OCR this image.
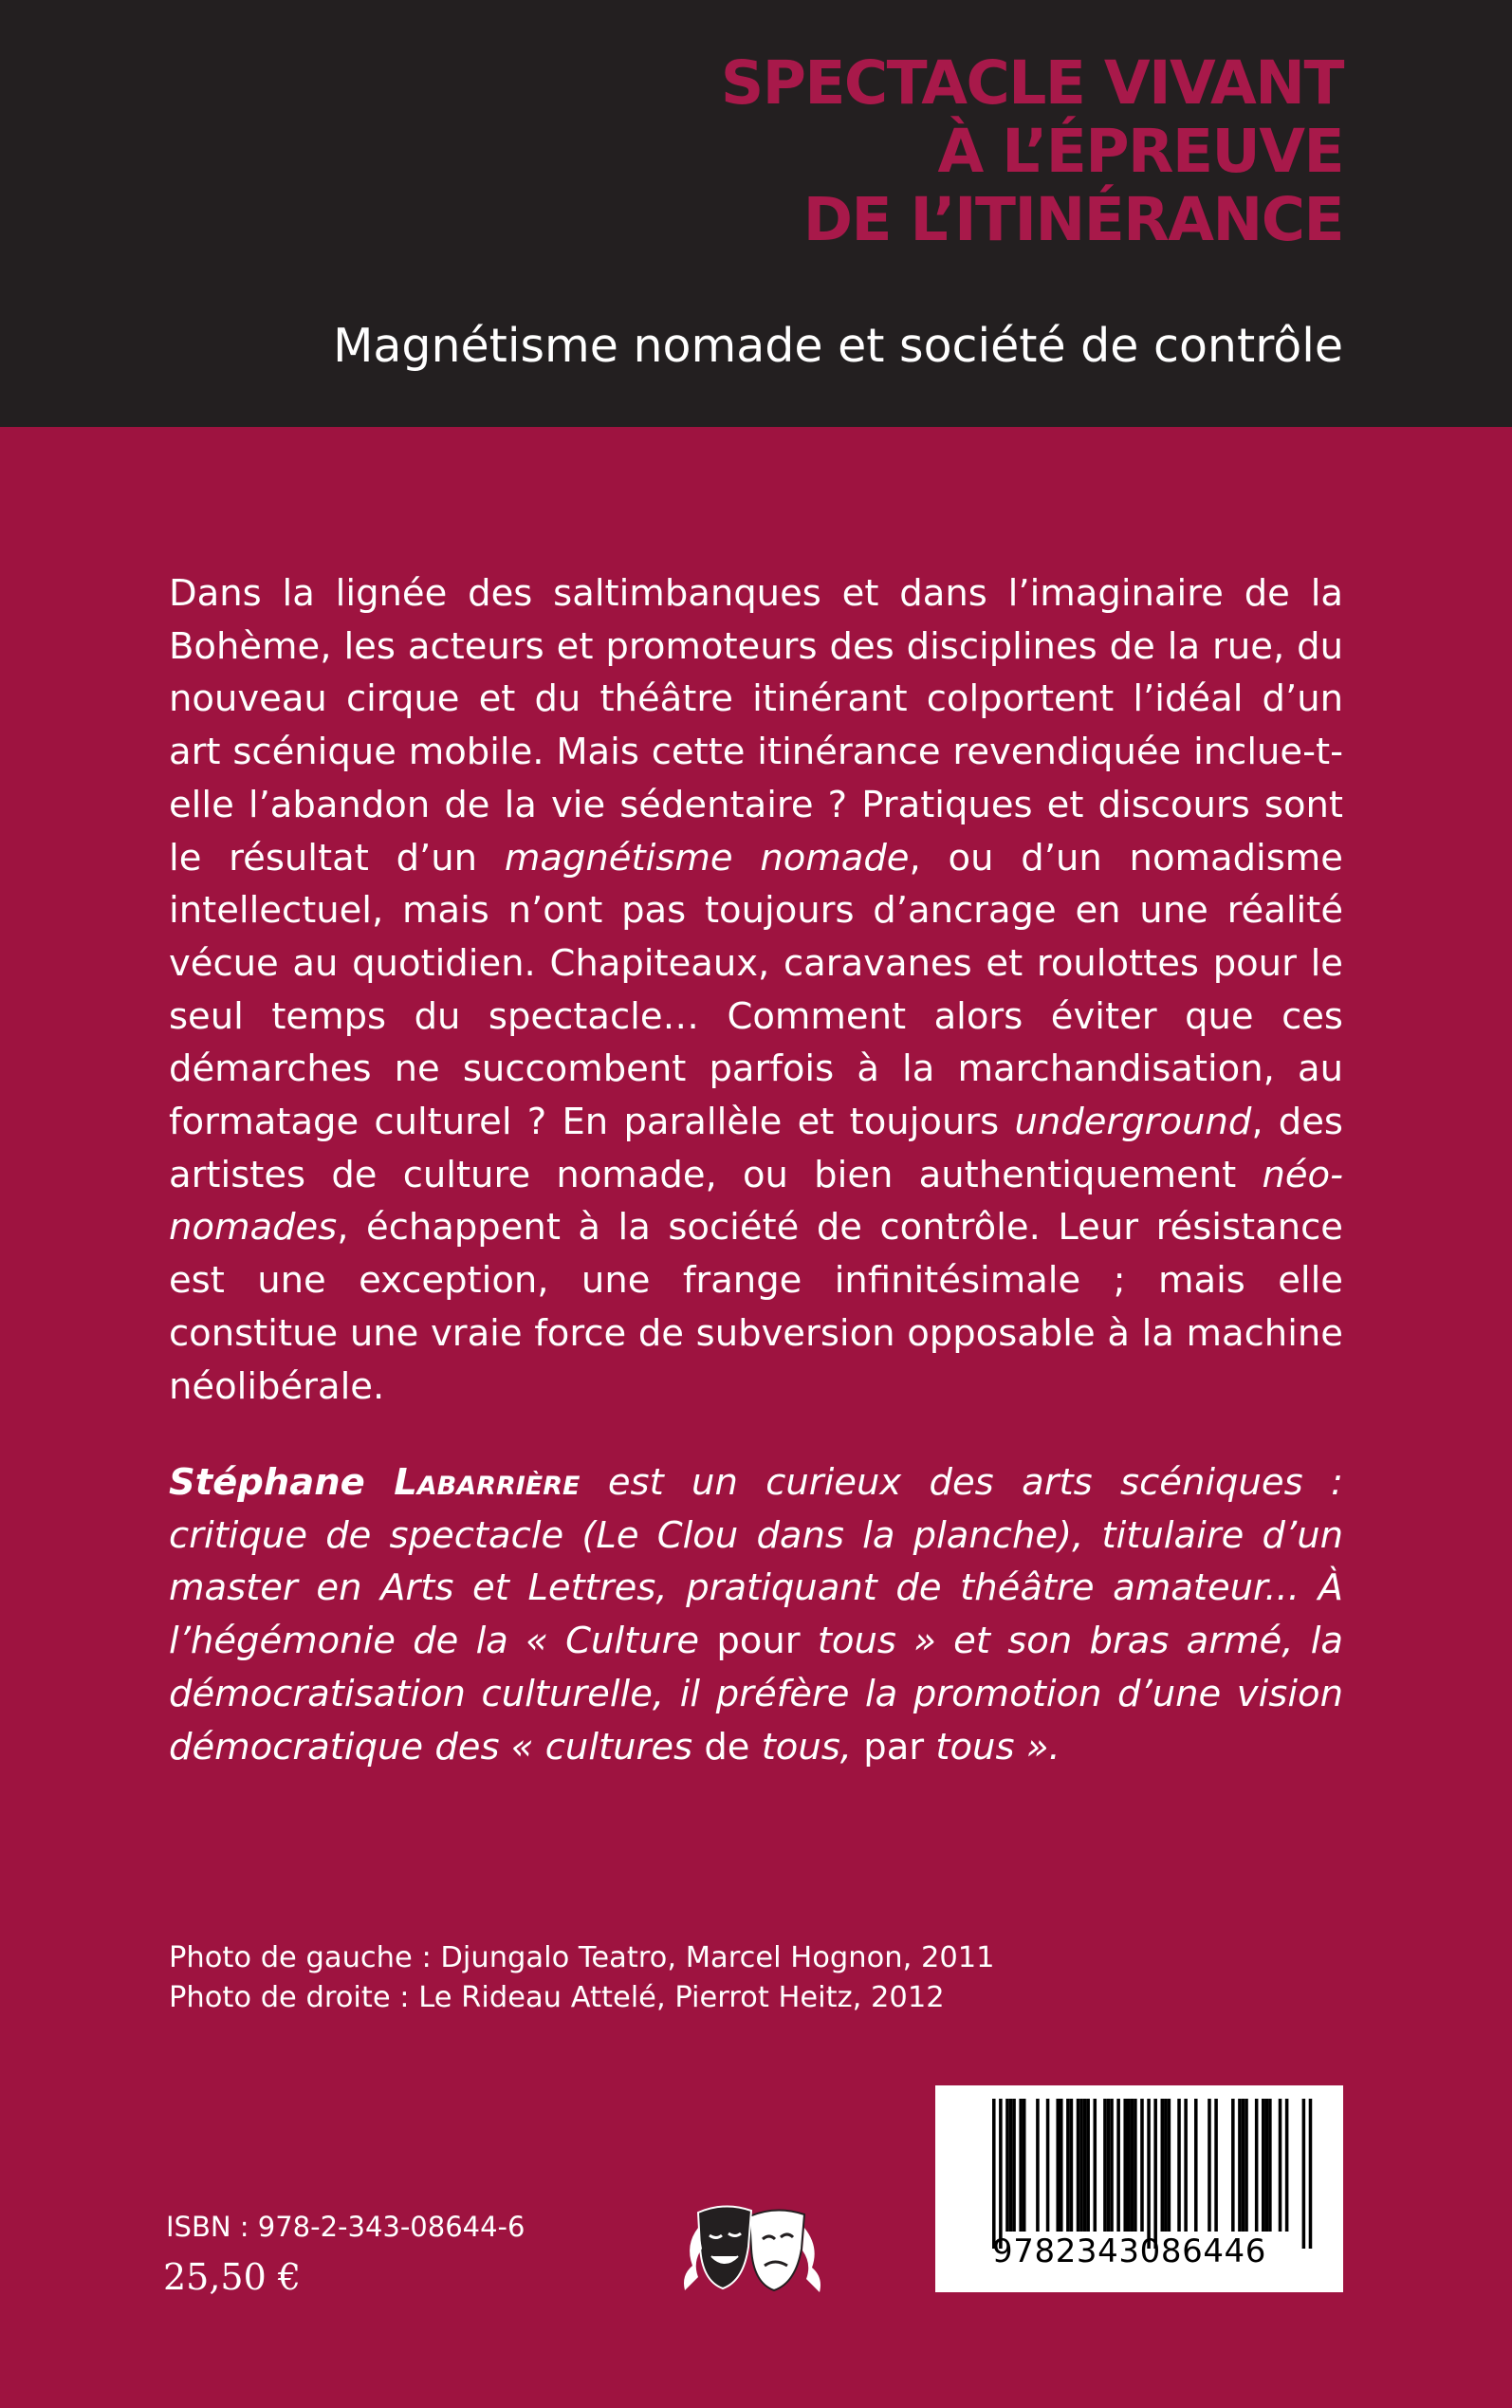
SPECTACLE VIVANT
À L’ÉPREUVE
DE L’ITINÉRANCE
Magnétisme nomade et société de contrôle
Dans la lignée des saltimbanques et dans l’imaginaire de la Bohème, les acteurs et promoteurs des disciplines de la rue, du nouveau cirque et du théâtre itinérant colportent l’idéal d’un art scénique mobile. Mais cette itinérance revendiquée inclue-t-elle l’abandon de la vie sédentaire ? Pratiques et discours sont le résultat d’un magnétisme nomade, ou d’un nomadisme intellectuel, mais n’ont pas toujours d’ancrage en une réalité vécue au quotidien. Chapiteaux, caravanes et roulottes pour le seul temps du spectacle… Comment alors éviter que ces démarches ne succombent parfois à la marchandisation, au formatage culturel ? En parallèle et toujours underground, des artistes de culture nomade, ou bien authentiquement néo-nomades, échappent à la société de contrôle. Leur résistance est une exception, une frange infinitésimale ; mais elle constitue une vraie force de subversion opposable à la machine néolibérale.
Stéphane Labarrière est un curieux des arts scéniques : critique de spectacle (Le Clou dans la planche), titulaire d’un master en Arts et Lettres, pratiquant de théâtre amateur... À l’hégémonie de la « Culture pour tous » et son bras armé, la démocratisation culturelle, il préfère la promotion d’une vision démocratique des « cultures de tous, par tous ».
Photo de gauche : Djungalo Teatro, Marcel Hognon, 2011
Photo de droite : Le Rideau Attelé, Pierrot Heitz, 2012
ISBN : 978-2-343-08644-6
25,50 €
9782343086446
